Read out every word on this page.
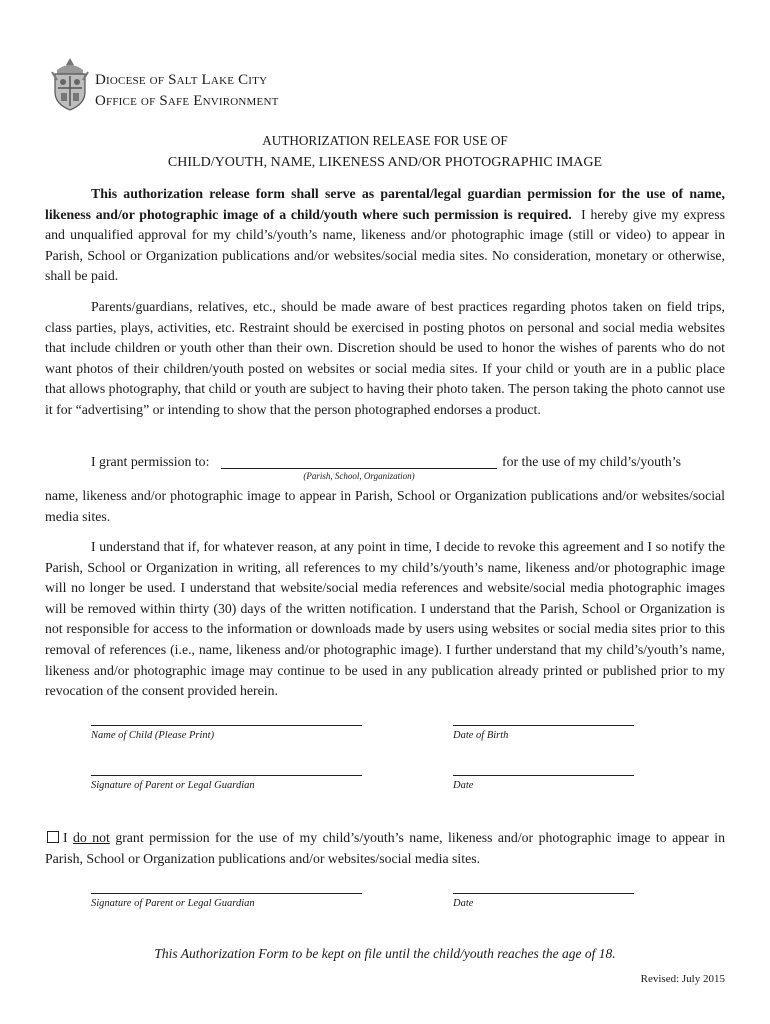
Diocese of Salt Lake City
Office of Safe Environment
AUTHORIZATION RELEASE FOR USE OF
CHILD/YOUTH, NAME, LIKENESS AND/OR PHOTOGRAPHIC IMAGE
This authorization release form shall serve as parental/legal guardian permission for the use of name, likeness and/or photographic image of a child/youth where such permission is required. I hereby give my express and unqualified approval for my child’s/youth’s name, likeness and/or photographic image (still or video) to appear in Parish, School or Organization publications and/or websites/social media sites. No consideration, monetary or otherwise, shall be paid.
Parents/guardians, relatives, etc., should be made aware of best practices regarding photos taken on field trips, class parties, plays, activities, etc. Restraint should be exercised in posting photos on personal and social media websites that include children or youth other than their own. Discretion should be used to honor the wishes of parents who do not want photos of their children/youth posted on websites or social media sites. If your child or youth are in a public place that allows photography, that child or youth are subject to having their photo taken. The person taking the photo cannot use it for “advertising” or intending to show that the person photographed endorses a product.
I grant permission to:
(Parish, School, Organization)
for the use of my child’s/youth’s
name, likeness and/or photographic image to appear in Parish, School or Organization publications and/or websites/social media sites.
I understand that if, for whatever reason, at any point in time, I decide to revoke this agreement and I so notify the Parish, School or Organization in writing, all references to my child’s/youth’s name, likeness and/or photographic image will no longer be used. I understand that website/social media references and website/social media photographic images will be removed within thirty (30) days of the written notification. I understand that the Parish, School or Organization is not responsible for access to the information or downloads made by users using websites or social media sites prior to this removal of references (i.e., name, likeness and/or photographic image). I further understand that my child’s/youth’s name, likeness and/or photographic image may continue to be used in any publication already printed or published prior to my revocation of the consent provided herein.
Name of Child (Please Print)	Date of Birth
Signature of Parent or Legal Guardian	Date
I do not grant permission for the use of my child’s/youth’s name, likeness and/or photographic image to appear in Parish, School or Organization publications and/or websites/social media sites.
Signature of Parent or Legal Guardian	Date
This Authorization Form to be kept on file until the child/youth reaches the age of 18.
Revised: July 2015
